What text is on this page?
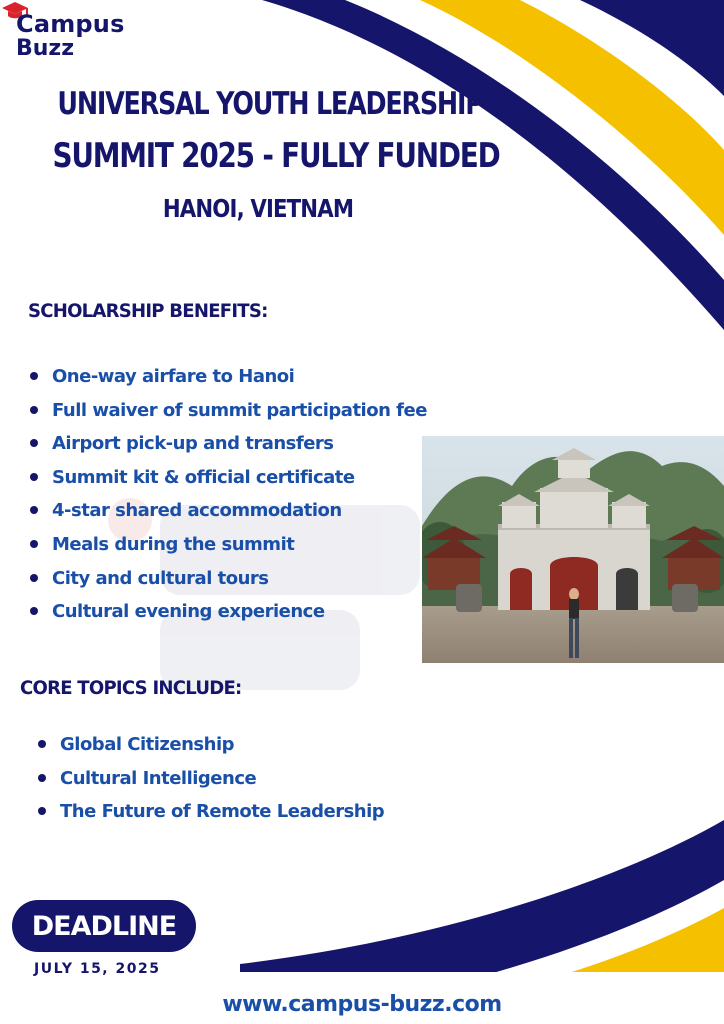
Campus
Buzz
UNIVERSAL YOUTH LEADERSHIP
SUMMIT 2025 - FULLY FUNDED
HANOI, VIETNAM
SCHOLARSHIP BENEFITS:
One-way airfare to Hanoi
Full waiver of summit participation fee
Airport pick-up and transfers
Summit kit & official certificate
4-star shared accommodation
Meals during the summit
City and cultural tours
Cultural evening experience
CORE TOPICS INCLUDE:
Global Citizenship
Cultural Intelligence
The Future of Remote Leadership
DEADLINE
JULY 15, 2025
www.campus-buzz.com
